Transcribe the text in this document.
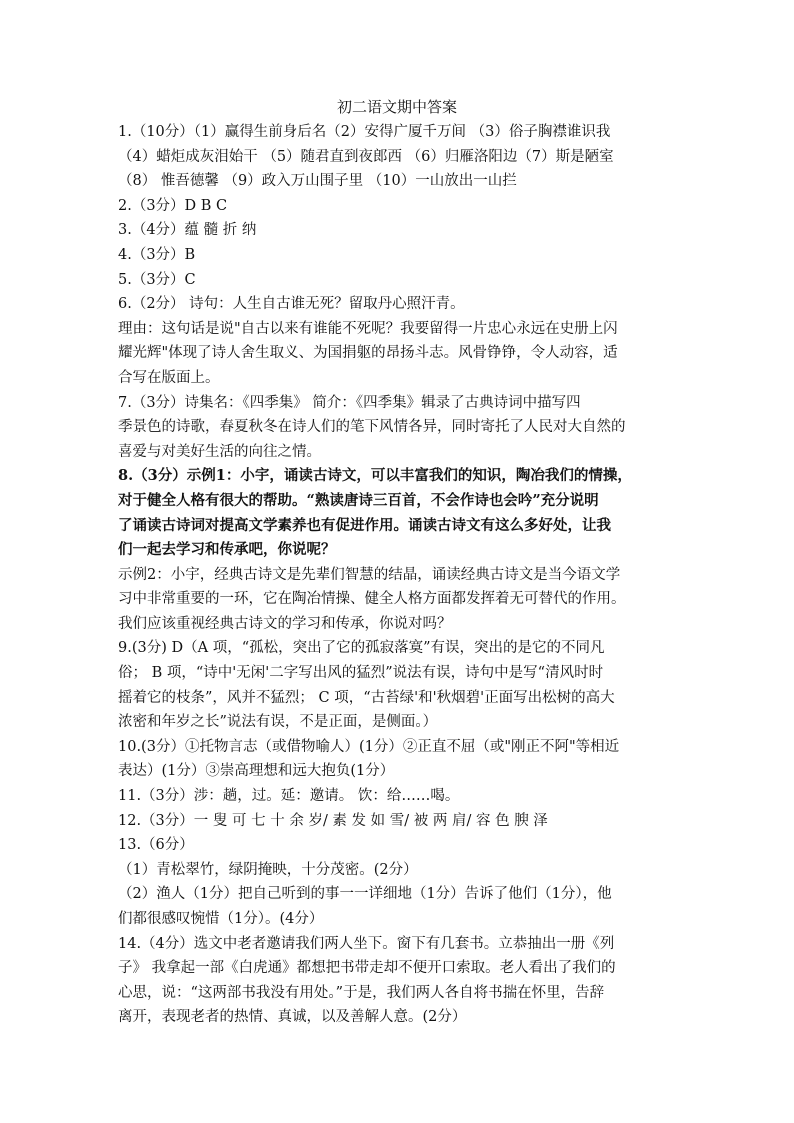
初二语文期中答案
1.（10分）（1）赢得生前身后名（2）安得广厦千万间 （3）俗子胸襟谁识我
（4）蜡炬成灰泪始干 （5）随君直到夜郎西 （6）归雁洛阳边（7）斯是陋室
（8） 惟吾德馨 （9）政入万山围子里 （10）一山放出一山拦
2.（3分）D B C
3.（4分）蕴 髓 折 纳
4.（3分）B
5.（3分）C
6.（2分） 诗句：人生自古谁无死？留取丹心照汗青。
理由：这句话是说"自古以来有谁能不死呢？我要留得一片忠心永远在史册上闪
耀光辉"体现了诗人舍生取义、为国捐躯的昂扬斗志。风骨铮铮，令人动容，适
合写在版面上。
7.（3分）诗集名：《四季集》 简介：《四季集》辑录了古典诗词中描写四
季景色的诗歌，春夏秋冬在诗人们的笔下风情各异，同时寄托了人民对大自然的
喜爱与对美好生活的向往之情。
8.（3分）示例1：小宇，诵读古诗文，可以丰富我们的知识，陶冶我们的情操，
对于健全人格有很大的帮助。“熟读唐诗三百首，不会作诗也会吟”充分说明
了诵读古诗词对提高文学素养也有促进作用。诵读古诗文有这么多好处，让我
们一起去学习和传承吧，你说呢？
示例2：小宇，经典古诗文是先辈们智慧的结晶，诵读经典古诗文是当今语文学
习中非常重要的一环，它在陶冶情操、健全人格方面都发挥着无可替代的作用。
我们应该重视经典古诗文的学习和传承，你说对吗？
9.(3分) D（A 项，“孤松，突出了它的孤寂落寞”有误，突出的是它的不同凡
俗； B 项，“诗中'无闲'二字写出风的猛烈”说法有误，诗句中是写“清风时时
摇着它的枝条”，风并不猛烈； C 项，“古苔绿'和'秋烟碧'正面写出松树的高大
浓密和年岁之长”说法有误，不是正面，是侧面。）
10.(3分）①托物言志（或借物喻人）(1分）②正直不屈（或"刚正不阿"等相近
表达）(1分）③崇高理想和远大抱负(1分）
11.（3分）涉：趟，过。延：邀请。 饮：给……喝。
12.（3分）一 叟 可 七 十 余 岁/ 素 发 如 雪/ 被 两 肩/ 容 色 腴 泽
13.（6分）
（1）青松翠竹，绿阴掩映，十分茂密。(2分）
（2）渔人（1分）把自己听到的事一一详细地（1分）告诉了他们（1分），他
们都很感叹惋惜（1分）。(4分）
14.（4分）选文中老者邀请我们两人坐下。窗下有几套书。立恭抽出一册《列
子》 我拿起一部《白虎通》都想把书带走却不便开口索取。老人看出了我们的
心思，说：“这两部书我没有用处。”于是，我们两人各自将书揣在怀里，告辞
离开，表现老者的热情、真诚，以及善解人意。(2分）
